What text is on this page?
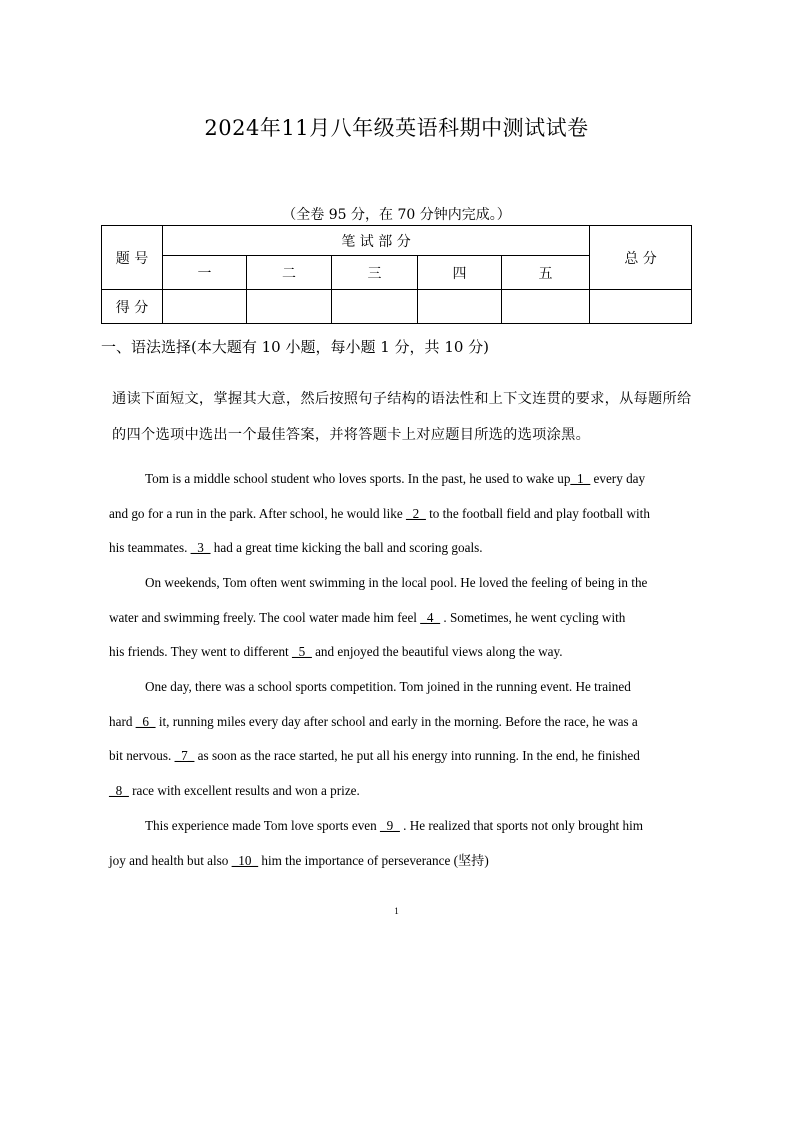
2024年11月八年级英语科期中测试试卷
（全卷 95 分，在 70 分钟内完成。）
题 号	笔 试 部 分					总 分
	一	二	三	四	五	
得 分						
一、语法选择(本大题有 10 小题，每小题 1 分，共 10 分)
通读下面短文，掌握其大意，然后按照句子结构的语法性和上下文连贯的要求，从每题所给
的四个选项中选出一个最佳答案，并将答题卡上对应题目所选的选项涂黑。
Tom is a middle school student who loves sports. In the past, he used to wake up_1_ every day
and go for a run in the park. After school, he would like _2_ to the football field and play football with
his teammates. _3_ had a great time kicking the ball and scoring goals.
On weekends, Tom often went swimming in the local pool. He loved the feeling of being in the
water and swimming freely. The cool water made him feel _4_ . Sometimes, he went cycling with
his friends. They went to different _5_ and enjoyed the beautiful views along the way.
One day, there was a school sports competition. Tom joined in the running event. He trained
hard _6_ it, running miles every day after school and early in the morning. Before the race, he was a
bit nervous. _7_ as soon as the race started, he put all his energy into running. In the end, he finished
_8_ race with excellent results and won a prize.
This experience made Tom love sports even _9_ . He realized that sports not only brought him
joy and health but also _10_ him the importance of perseverance (坚持)
1
